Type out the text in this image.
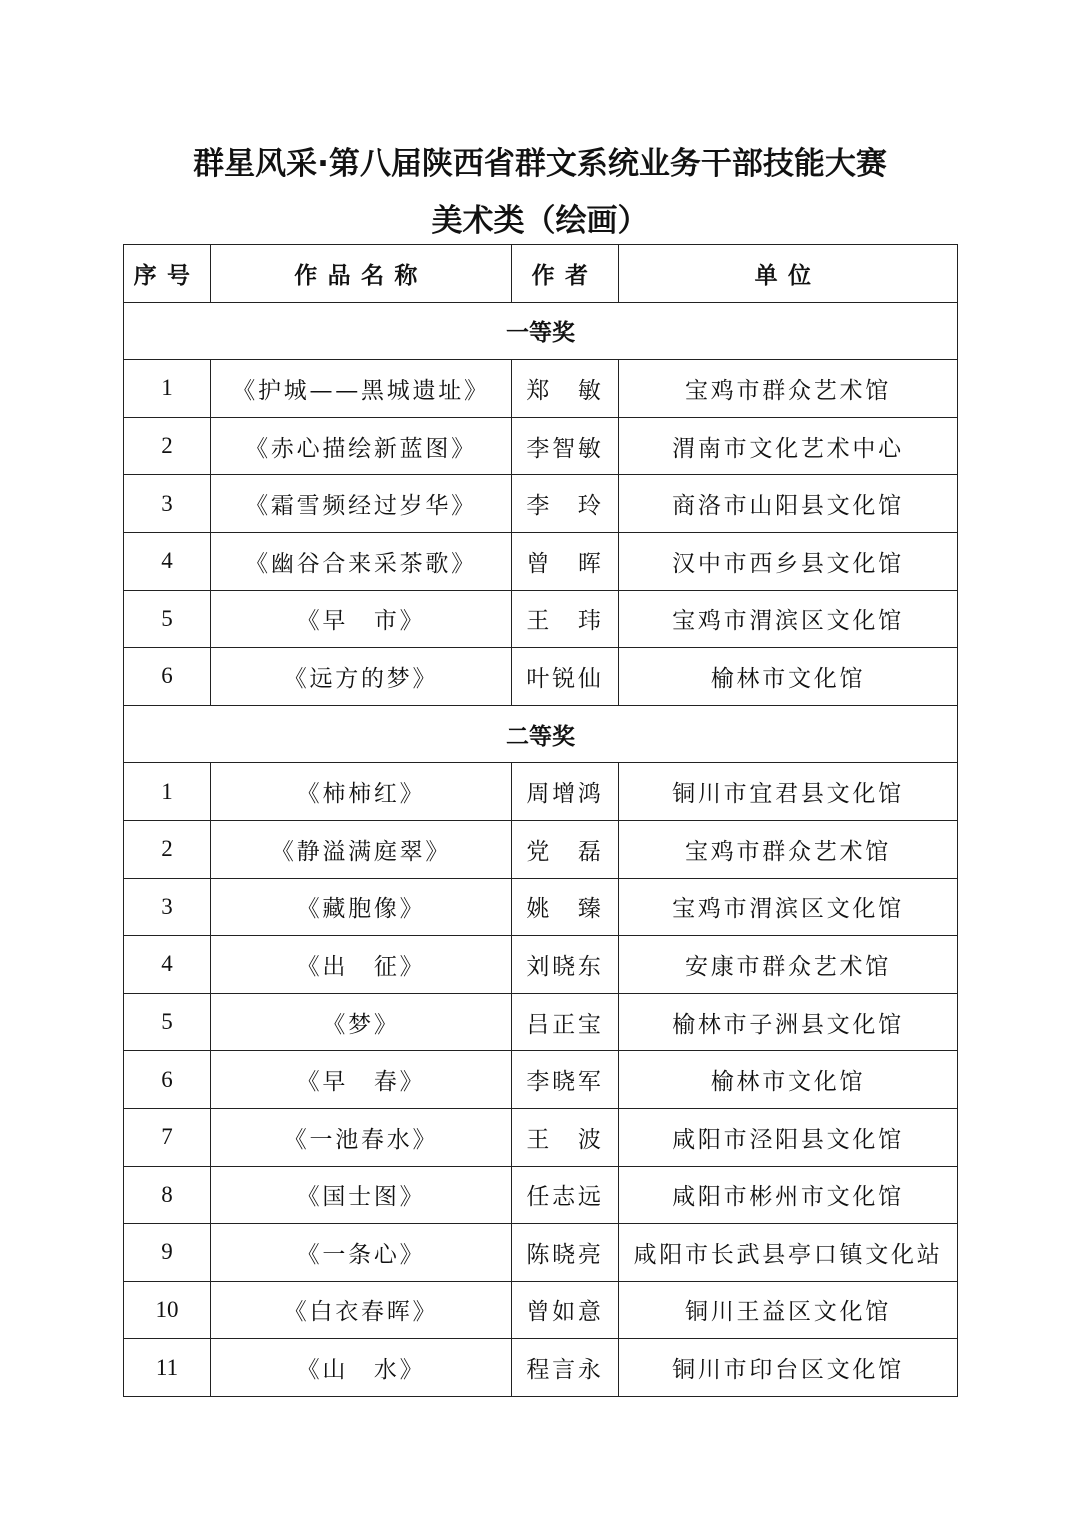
群星风采·第八届陕西省群文系统业务干部技能大赛
美术类（绘画）
序号	作品名称	作者	单位
一等奖			
1	《护城——黑城遗址》	郑　敏	宝鸡市群众艺术馆
2	《赤心描绘新蓝图》	李智敏	渭南市文化艺术中心
3	《霜雪频经过岁华》	李　玲	商洛市山阳县文化馆
4	《幽谷合来采茶歌》	曾　晖	汉中市西乡县文化馆
5	《早　市》	王　玮	宝鸡市渭滨区文化馆
6	《远方的梦》	叶锐仙	榆林市文化馆
二等奖			
1	《柿柿红》	周增鸿	铜川市宜君县文化馆
2	《静溢满庭翠》	党　磊	宝鸡市群众艺术馆
3	《藏胞像》	姚　臻	宝鸡市渭滨区文化馆
4	《出　征》	刘晓东	安康市群众艺术馆
5	《梦》	吕正宝	榆林市子洲县文化馆
6	《早　春》	李晓军	榆林市文化馆
7	《一池春水》	王　波	咸阳市泾阳县文化馆
8	《国士图》	任志远	咸阳市彬州市文化馆
9	《一条心》	陈晓亮	咸阳市长武县亭口镇文化站
10	《白衣春晖》	曾如意	铜川王益区文化馆
11	《山　水》	程言永	铜川市印台区文化馆
